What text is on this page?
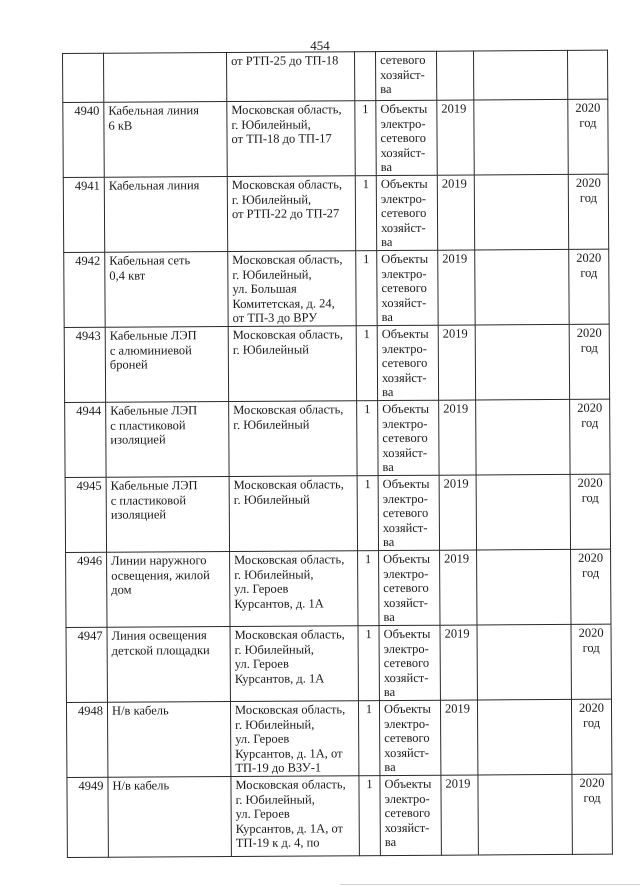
454
		от РТП-25 до ТП-18		сетевого
хозяйст-
ва			
4940	Кабельная линия
6 кВ	Московская область,
г. Юбилейный,
от ТП-18 до ТП-17	1	Объекты
электро-
сетевого
хозяйст-
ва	2019		2020
год
4941	Кабельная линия	Московская область,
г. Юбилейный,
от РТП-22 до ТП-27	1	Объекты
электро-
сетевого
хозяйст-
ва	2019		2020
год
4942	Кабельная сеть
0,4 квт	Московская область,
г. Юбилейный,
ул. Большая
Комитетская, д. 24,
от ТП-3 до ВРУ	1	Объекты
электро-
сетевого
хозяйст-
ва	2019		2020
год
4943	Кабельные ЛЭП
с алюминиевой
броней	Московская область,
г. Юбилейный	1	Объекты
электро-
сетевого
хозяйст-
ва	2019		2020
год
4944	Кабельные ЛЭП
с пластиковой
изоляцией	Московская область,
г. Юбилейный	1	Объекты
электро-
сетевого
хозяйст-
ва	2019		2020
год
4945	Кабельные ЛЭП
с пластиковой
изоляцией	Московская область,
г. Юбилейный	1	Объекты
электро-
сетевого
хозяйст-
ва	2019		2020
год
4946	Линии наружного
освещения, жилой
дом	Московская область,
г. Юбилейный,
ул. Героев
Курсантов, д. 1А	1	Объекты
электро-
сетевого
хозяйст-
ва	2019		2020
год
4947	Линия освещения
детской площадки	Московская область,
г. Юбилейный,
ул. Героев
Курсантов, д. 1А	1	Объекты
электро-
сетевого
хозяйст-
ва	2019		2020
год
4948	Н/в кабель	Московская область,
г. Юбилейный,
ул. Героев
Курсантов, д. 1А, от
ТП-19 до ВЗУ-1	1	Объекты
электро-
сетевого
хозяйст-
ва	2019		2020
год
4949	Н/в кабель	Московская область,
г. Юбилейный,
ул. Героев
Курсантов, д. 1А, от
ТП-19 к д. 4, по	1	Объекты
электро-
сетевого
хозяйст-
ва	2019		2020
год
